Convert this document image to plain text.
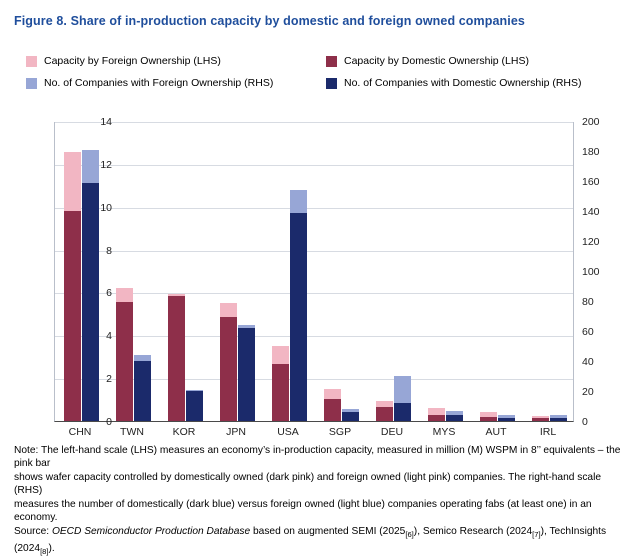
Figure 8. Share of in-production capacity by domestic and foreign owned companies
Capacity by Foreign Ownership (LHS)	Capacity by Domestic Ownership (LHS)
No. of Companies with Foreign Ownership (RHS)	No. of Companies with Domestic Ownership (RHS)
0
2
4
6
8
10
12
14
0
20
40
60
80
100
120
140
160
180
200
CHN	TWN	KOR	JPN	USA	SGP	DEU	MYS	AUT	IRL
Note: The left-hand scale (LHS) measures an economy’s in-production capacity, measured in million (M) WSPM in 8’’ equivalents – the pink bar
shows wafer capacity controlled by domestically owned (dark pink) and foreign owned (light pink) companies. The right-hand scale (RHS)
measures the number of domestically (dark blue) versus foreign owned (light blue) companies operating fabs (at least one) in an economy.
Source: OECD Semiconductor Production Database based on augmented SEMI $(2025_{[6]})$, Semico Research $(2024_{[7]})$, TechInsights $(2024_{[8]})$.
